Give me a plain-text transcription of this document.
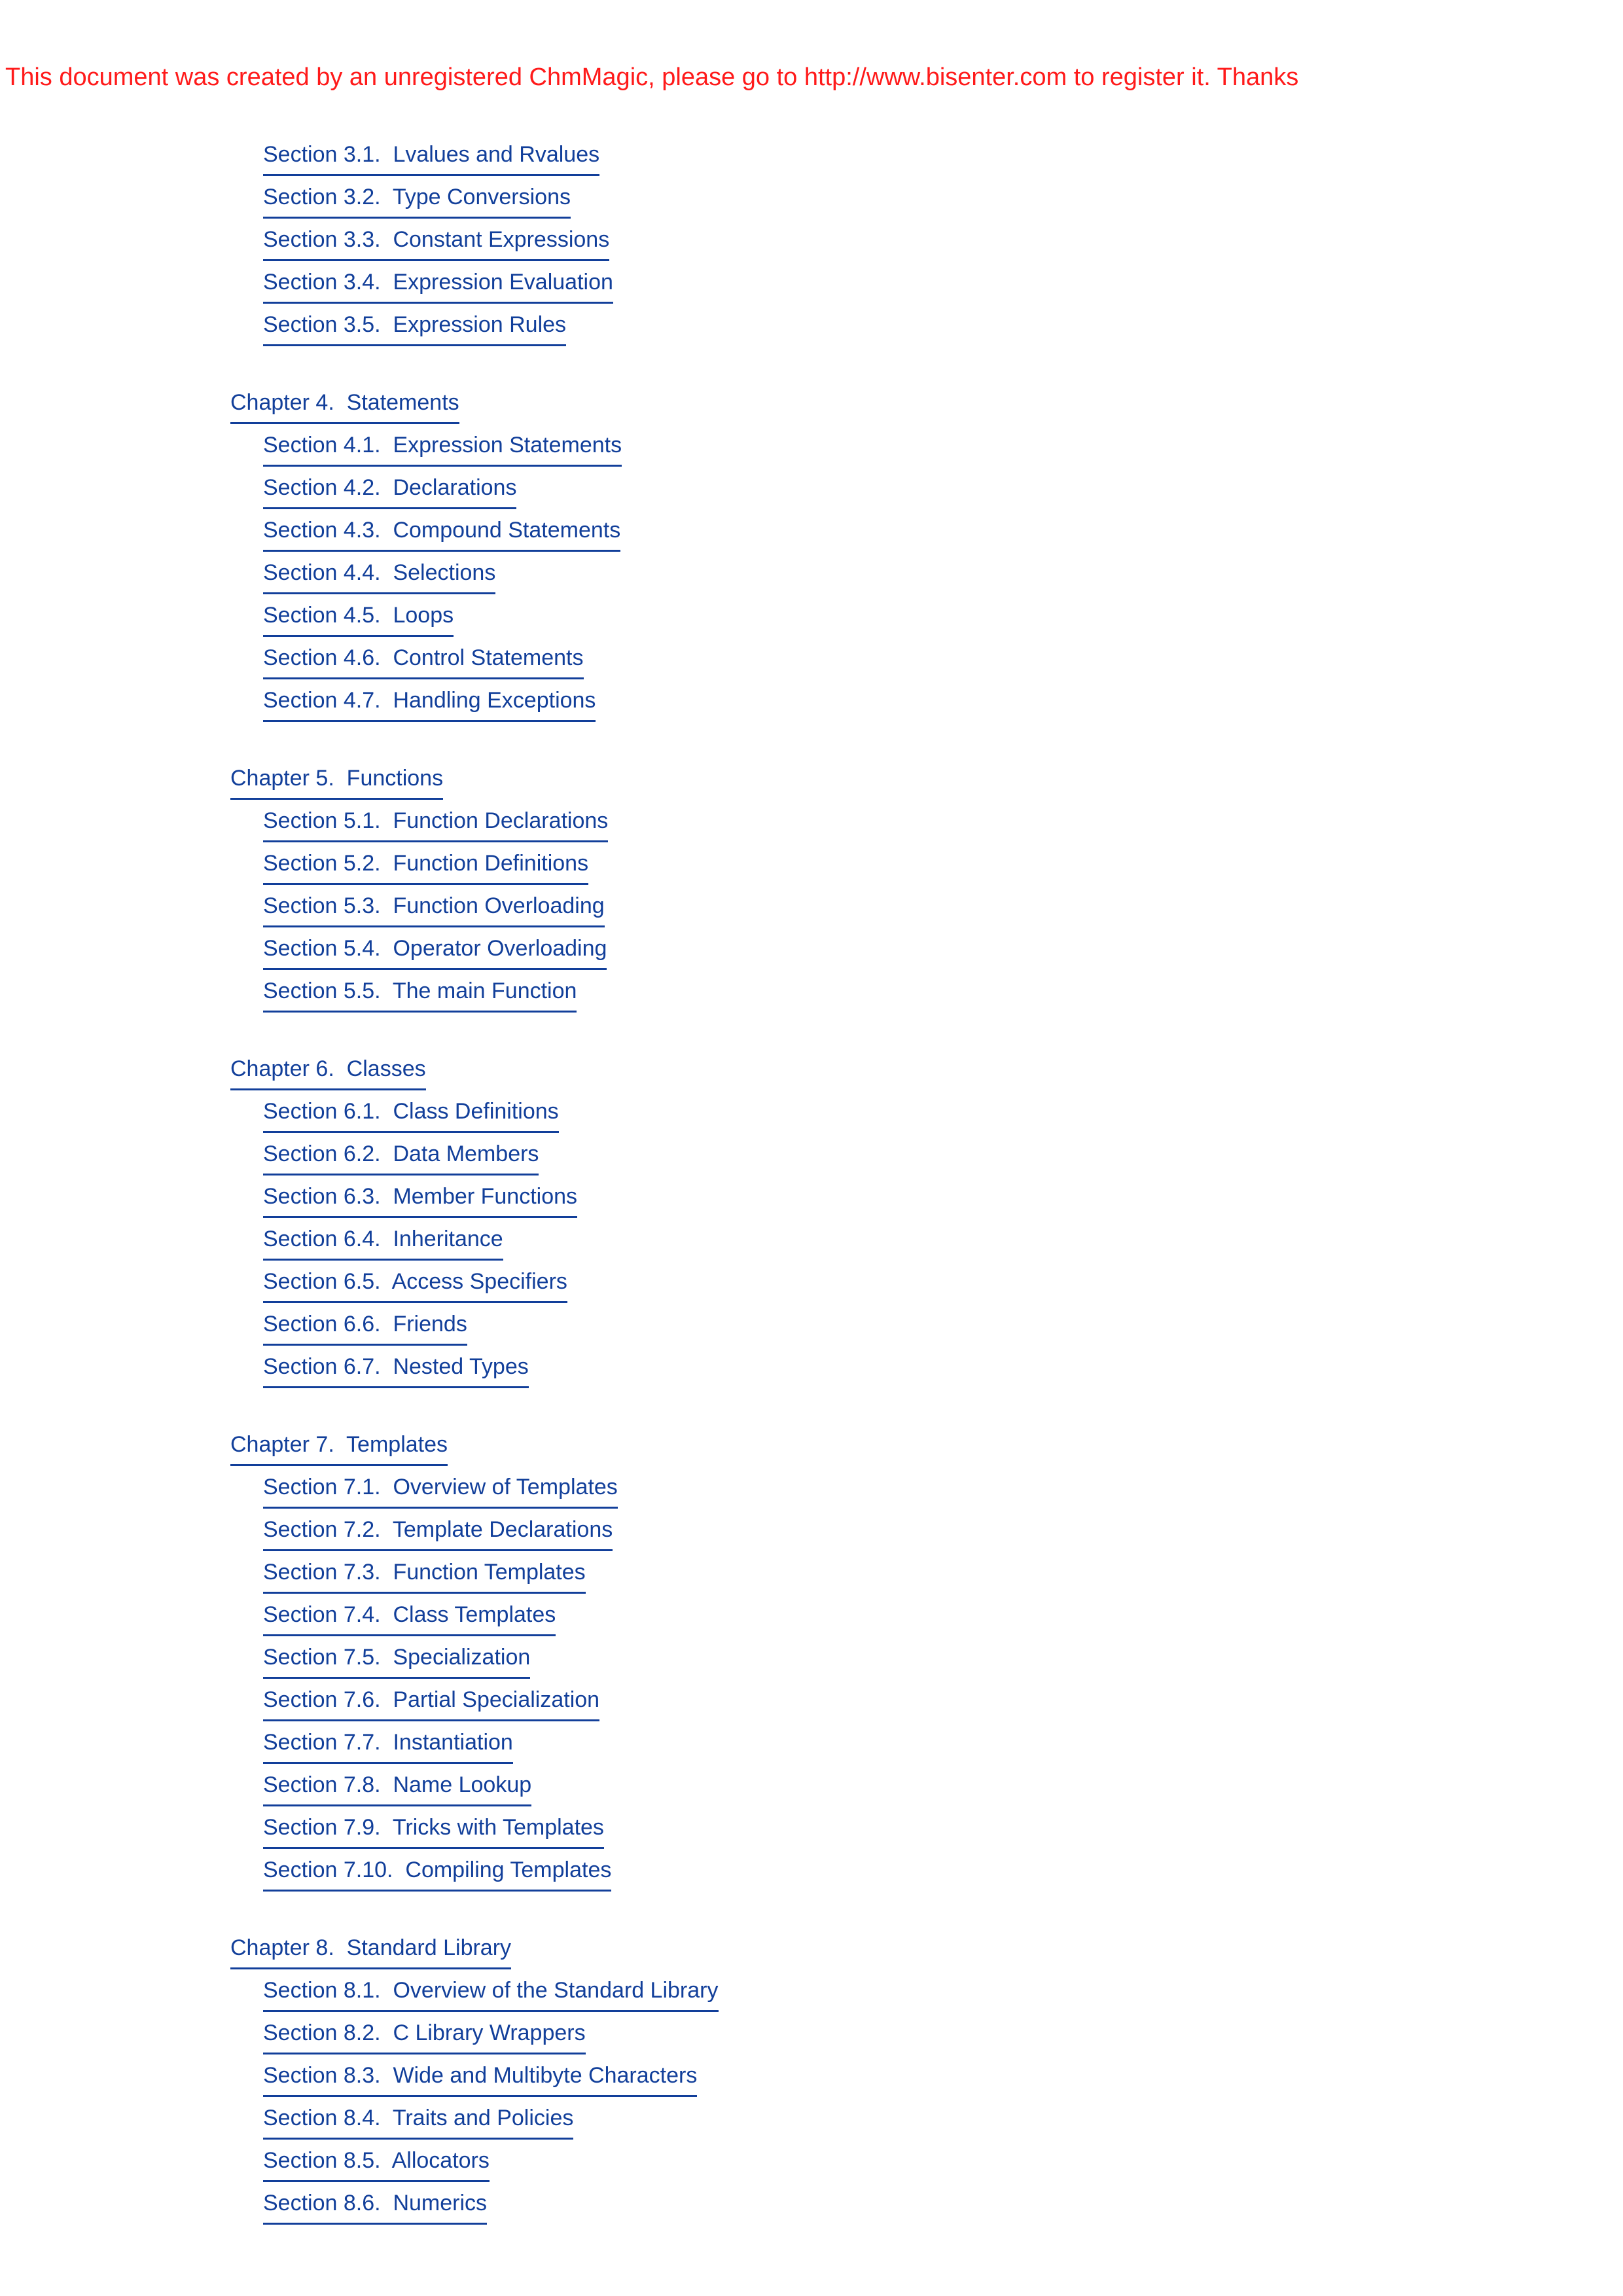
This document was created by an unregistered ChmMagic, please go to http://www.bisenter.com to register it. Thanks
Section 3.1. Lvalues and Rvalues
Section 3.2. Type Conversions
Section 3.3. Constant Expressions
Section 3.4. Expression Evaluation
Section 3.5. Expression Rules
Chapter 4. Statements
Section 4.1. Expression Statements
Section 4.2. Declarations
Section 4.3. Compound Statements
Section 4.4. Selections
Section 4.5. Loops
Section 4.6. Control Statements
Section 4.7. Handling Exceptions
Chapter 5. Functions
Section 5.1. Function Declarations
Section 5.2. Function Definitions
Section 5.3. Function Overloading
Section 5.4. Operator Overloading
Section 5.5. The main Function
Chapter 6. Classes
Section 6.1. Class Definitions
Section 6.2. Data Members
Section 6.3. Member Functions
Section 6.4. Inheritance
Section 6.5. Access Specifiers
Section 6.6. Friends
Section 6.7. Nested Types
Chapter 7. Templates
Section 7.1. Overview of Templates
Section 7.2. Template Declarations
Section 7.3. Function Templates
Section 7.4. Class Templates
Section 7.5. Specialization
Section 7.6. Partial Specialization
Section 7.7. Instantiation
Section 7.8. Name Lookup
Section 7.9. Tricks with Templates
Section 7.10. Compiling Templates
Chapter 8. Standard Library
Section 8.1. Overview of the Standard Library
Section 8.2. C Library Wrappers
Section 8.3. Wide and Multibyte Characters
Section 8.4. Traits and Policies
Section 8.5. Allocators
Section 8.6. Numerics
